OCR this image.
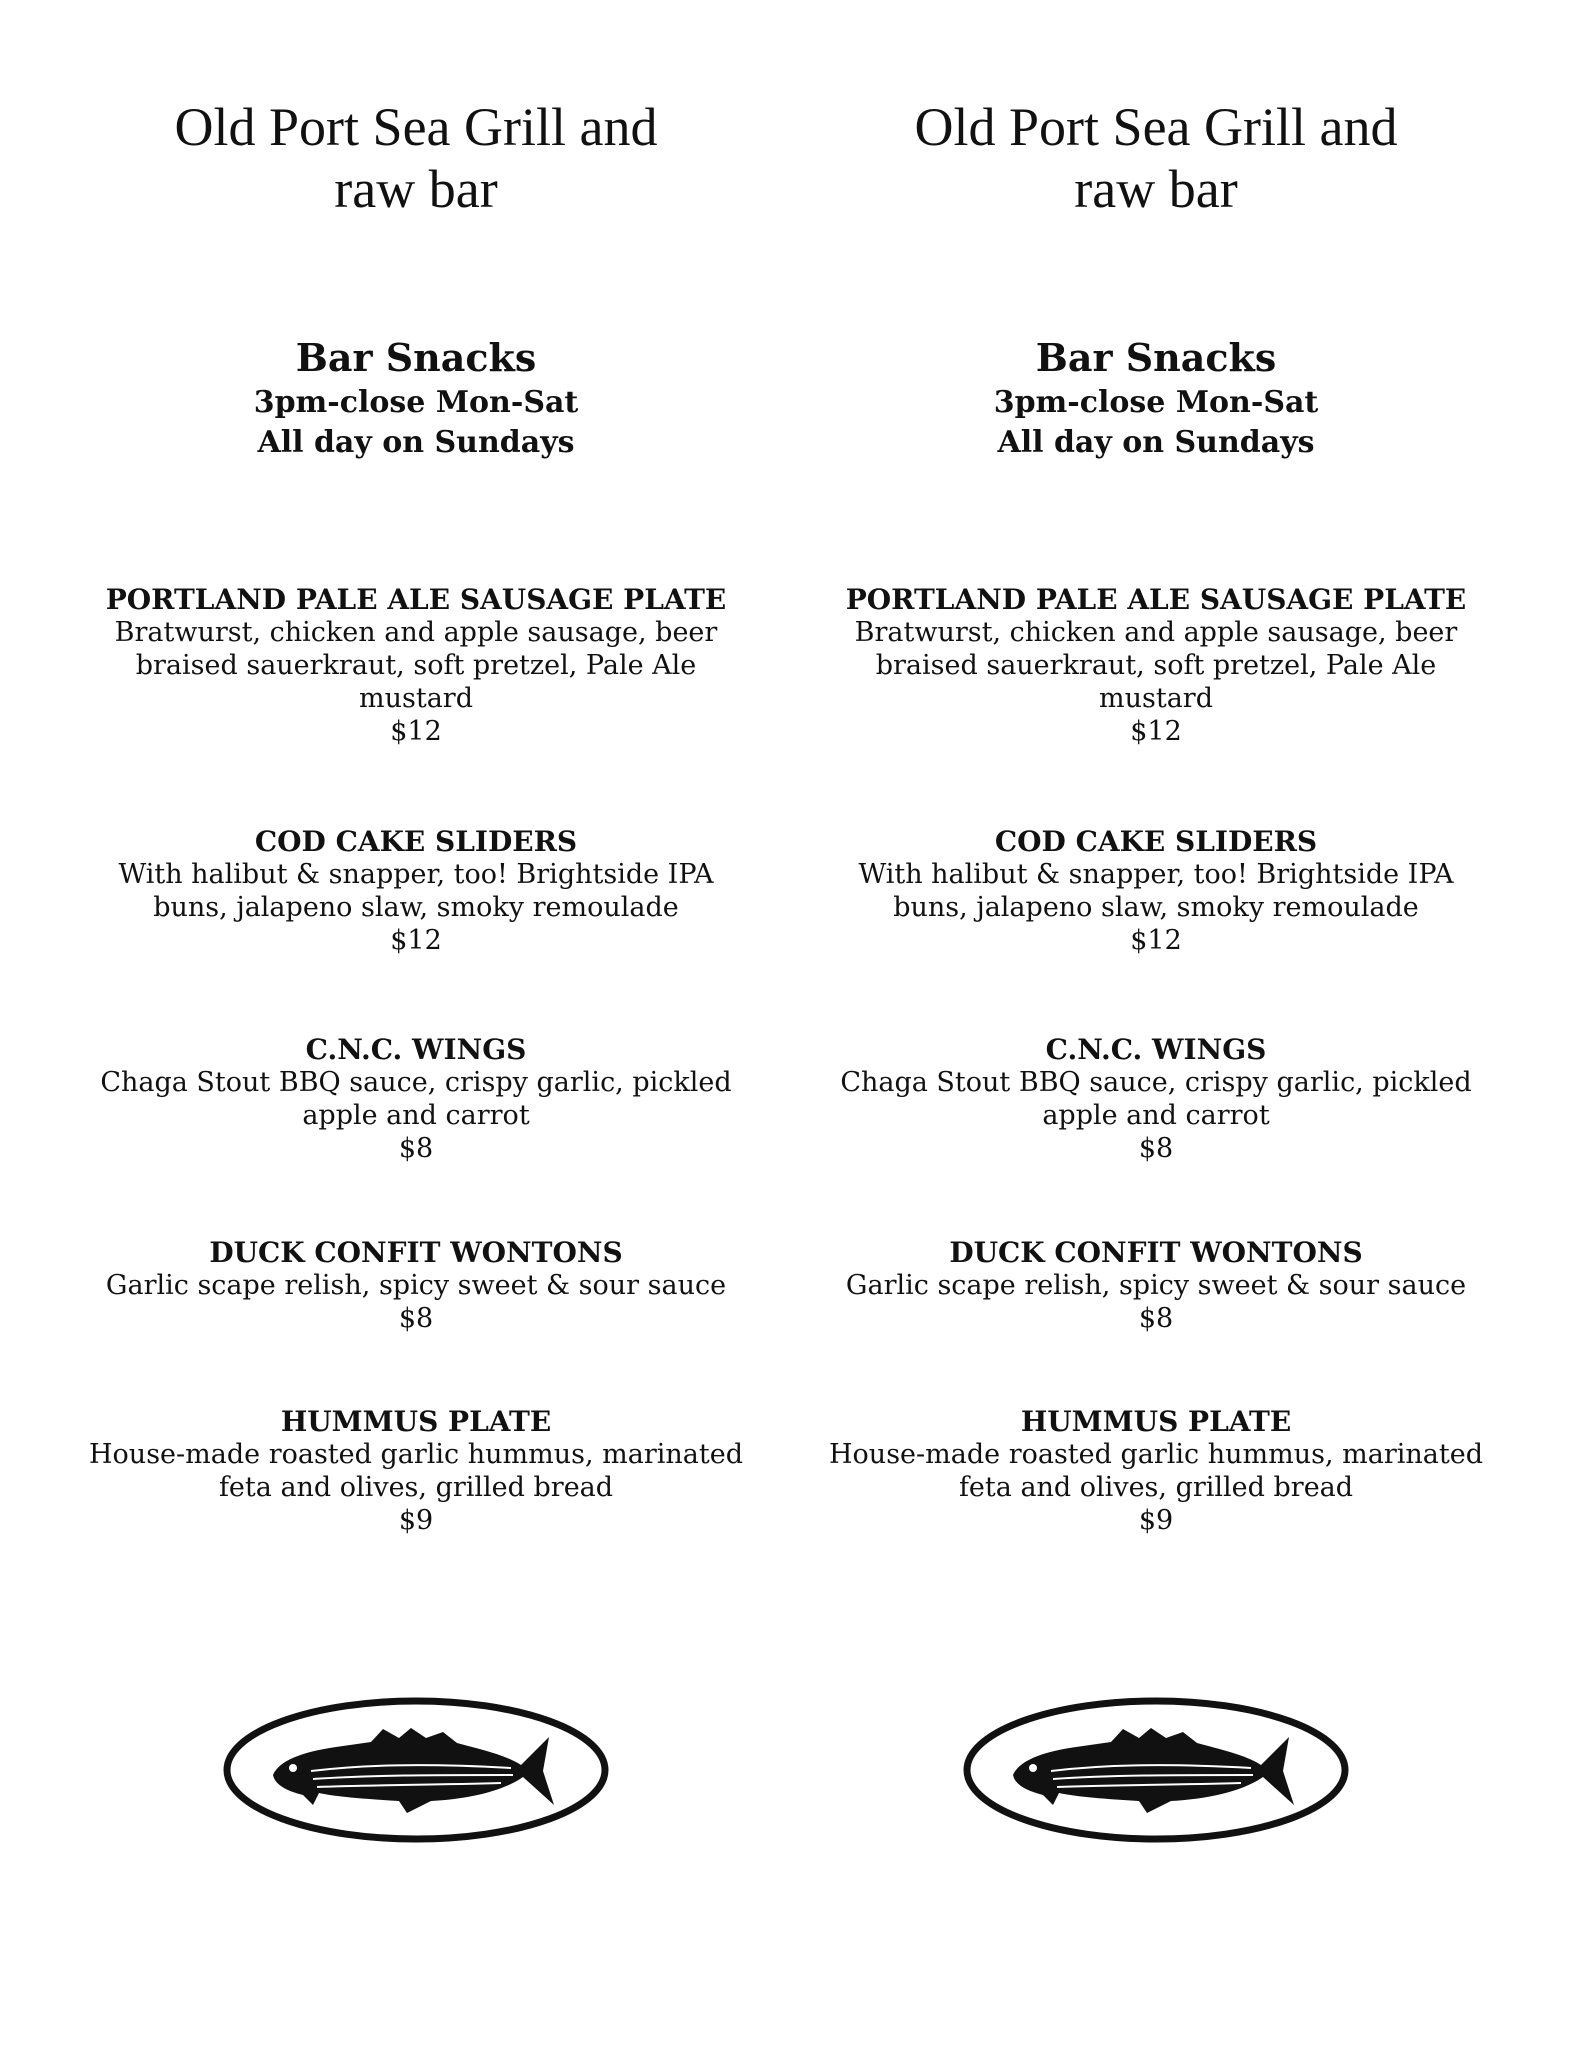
Old Port Sea Grill and
raw bar
Bar Snacks
3pm-close Mon-Sat
All day on Sundays
PORTLAND PALE ALE SAUSAGE PLATE
Bratwurst, chicken and apple sausage, beer braised sauerkraut, soft pretzel, Pale Ale mustard
$12
COD CAKE SLIDERS
With halibut & snapper, too! Brightside IPA buns, jalapeno slaw, smoky remoulade
$12
C.N.C. WINGS
Chaga Stout BBQ sauce, crispy garlic, pickled apple and carrot
$8
DUCK CONFIT WONTONS
Garlic scape relish, spicy sweet & sour sauce
$8
HUMMUS PLATE
House-made roasted garlic hummus, marinated feta and olives, grilled bread
$9
Old Port Sea Grill and
raw bar
Bar Snacks
3pm-close Mon-Sat
All day on Sundays
PORTLAND PALE ALE SAUSAGE PLATE
Bratwurst, chicken and apple sausage, beer braised sauerkraut, soft pretzel, Pale Ale mustard
$12
COD CAKE SLIDERS
With halibut & snapper, too! Brightside IPA buns, jalapeno slaw, smoky remoulade
$12
C.N.C. WINGS
Chaga Stout BBQ sauce, crispy garlic, pickled apple and carrot
$8
DUCK CONFIT WONTONS
Garlic scape relish, spicy sweet & sour sauce
$8
HUMMUS PLATE
House-made roasted garlic hummus, marinated feta and olives, grilled bread
$9
